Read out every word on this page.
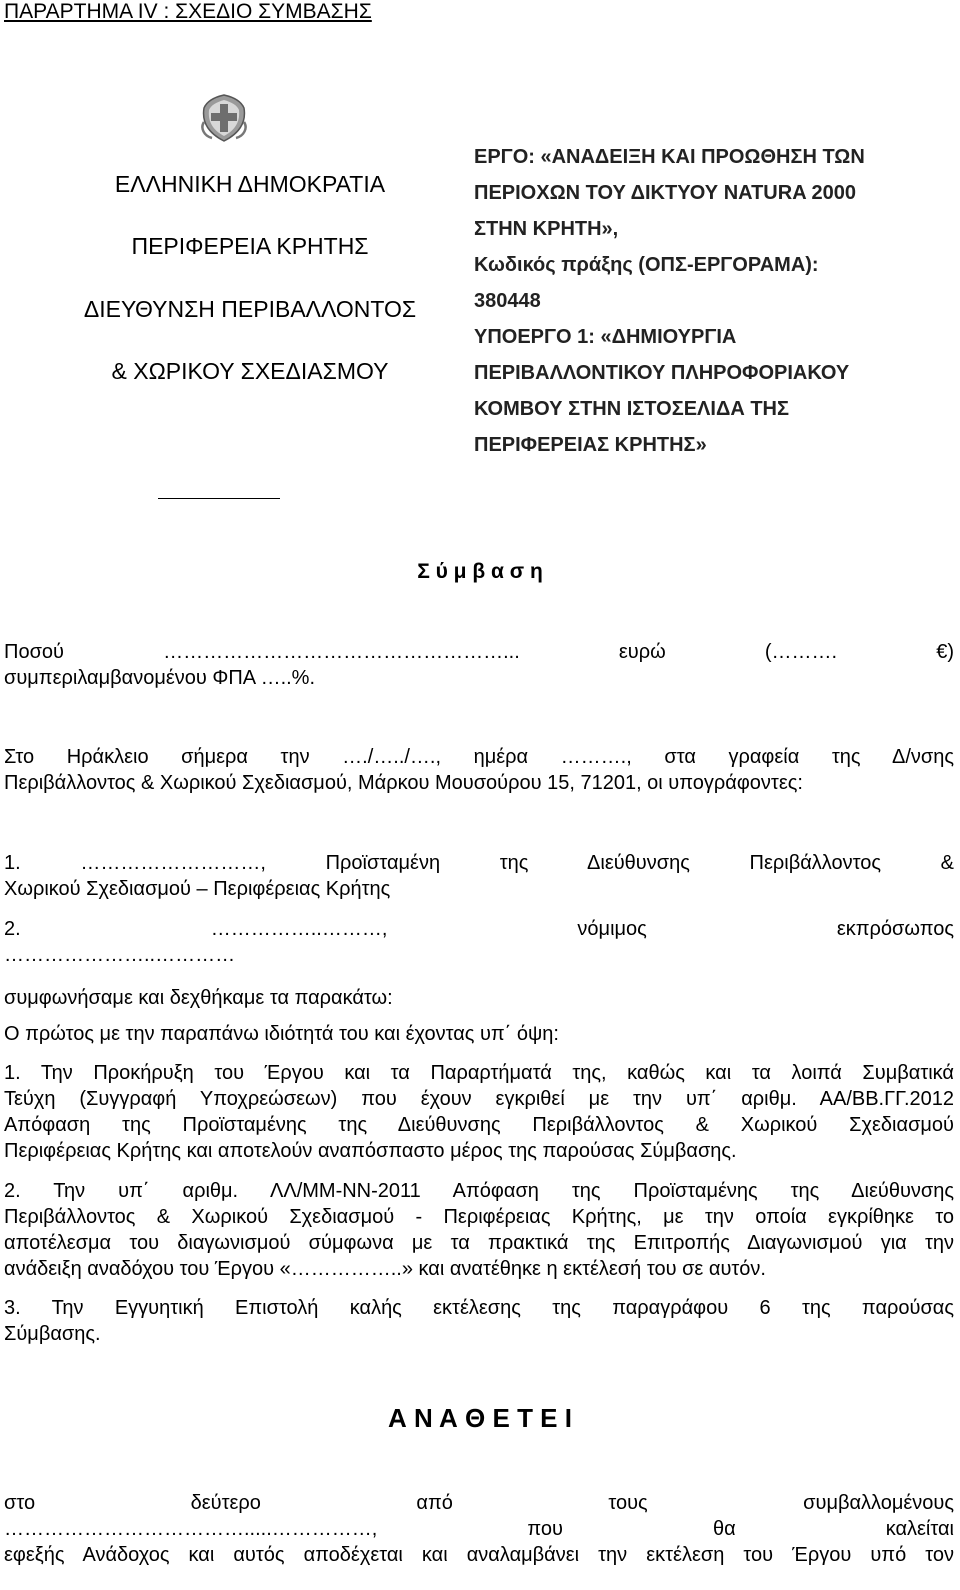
ΠΑΡΑΡΤΗΜΑ IV : ΣΧΕΔΙΟ ΣΥΜΒΑΣΗΣ
ΕΛΛΗΝΙΚΗ ΔΗΜΟΚΡΑΤΙΑ
ΠΕΡΙΦΕΡΕΙΑ ΚΡΗΤΗΣ
ΔΙΕΥΘΥΝΣΗ ΠΕΡΙΒΑΛΛΟΝΤΟΣ
& ΧΩΡΙΚΟΥ ΣΧΕΔΙΑΣΜΟΥ
ΕΡΓΟ: «ΑΝΑΔΕΙΞΗ ΚΑΙ ΠΡΟΩΘΗΣΗ ΤΩΝ
ΠΕΡΙΟΧΩΝ ΤΟΥ ΔΙΚΤΥΟΥ NATURA 2000
ΣΤΗΝ ΚΡΗΤΗ»,
Κωδικός πράξης (ΟΠΣ-ΕΡΓΟΡΑΜΑ):
380448
ΥΠΟΕΡΓΟ 1: «ΔΗΜΙΟΥΡΓΙΑ
ΠΕΡΙΒΑΛΛΟΝΤΙΚΟΥ ΠΛΗΡΟΦΟΡΙΑΚΟΥ
ΚΟΜΒΟΥ ΣΤΗΝ ΙΣΤΟΣΕΛΙΔΑ ΤΗΣ
ΠΕΡΙΦΕΡΕΙΑΣ ΚΡΗΤΗΣ»
Σ ύ μ β α σ η
Ποσού ……………………………………………... ευρώ (………. €)
συμπεριλαμβανομένου ΦΠΑ …..%.
Στο Ηράκλειο σήμερα την …./…../…., ημέρα ………., στα γραφεία της Δ/νσης
Περιβάλλοντος & Χωρικού Σχεδιασμού, Μάρκου Μουσούρου 15, 71201, οι υπογράφοντες:
1. ………………………, Προϊσταμένη της Διεύθυνσης Περιβάλλοντος &
Χωρικού Σχεδιασμού – Περιφέρειας Κρήτης
2. ……………..………, νόμιμος εκπρόσωπος
…………………..…………
συμφωνήσαμε και δεχθήκαμε τα παρακάτω:
Ο πρώτος με την παραπάνω ιδιότητά του και έχοντας υπ΄ όψη:
1. Την Προκήρυξη του Έργου και τα Παραρτήματά της, καθώς και τα λοιπά Συμβατικά
Τεύχη (Συγγραφή Υποχρεώσεων) που έχουν εγκριθεί με την υπ΄ αριθμ. ΑΑ/ΒΒ.ΓΓ.2012
Απόφαση της Προϊσταμένης της Διεύθυνσης Περιβάλλοντος & Χωρικού Σχεδιασμού
Περιφέρειας Κρήτης και αποτελούν αναπόσπαστο μέρος της παρούσας Σύμβασης.
2. Την υπ΄ αριθμ. ΛΛ/ΜΜ-ΝΝ-2011 Απόφαση της Προϊσταμένης της Διεύθυνσης
Περιβάλλοντος & Χωρικού Σχεδιασμού - Περιφέρειας Κρήτης, με την οποία εγκρίθηκε το
αποτέλεσμα του διαγωνισμού σύμφωνα με τα πρακτικά της Επιτροπής Διαγωνισμού για την
ανάδειξη αναδόχου του Έργου «……………..» και ανατέθηκε η εκτέλεσή του σε αυτόν.
3. Την Εγγυητική Επιστολή καλής εκτέλεσης της παραγράφου 6 της παρούσας
Σύμβασης.
Α Ν Α Θ Ε Τ Ε Ι
στο δεύτερο από τους συμβαλλομένους
……………………………….....……………, που θα καλείται
εφεξής Ανάδοχος και αυτός αποδέχεται και αναλαμβάνει την εκτέλεση του Έργου υπό τον
